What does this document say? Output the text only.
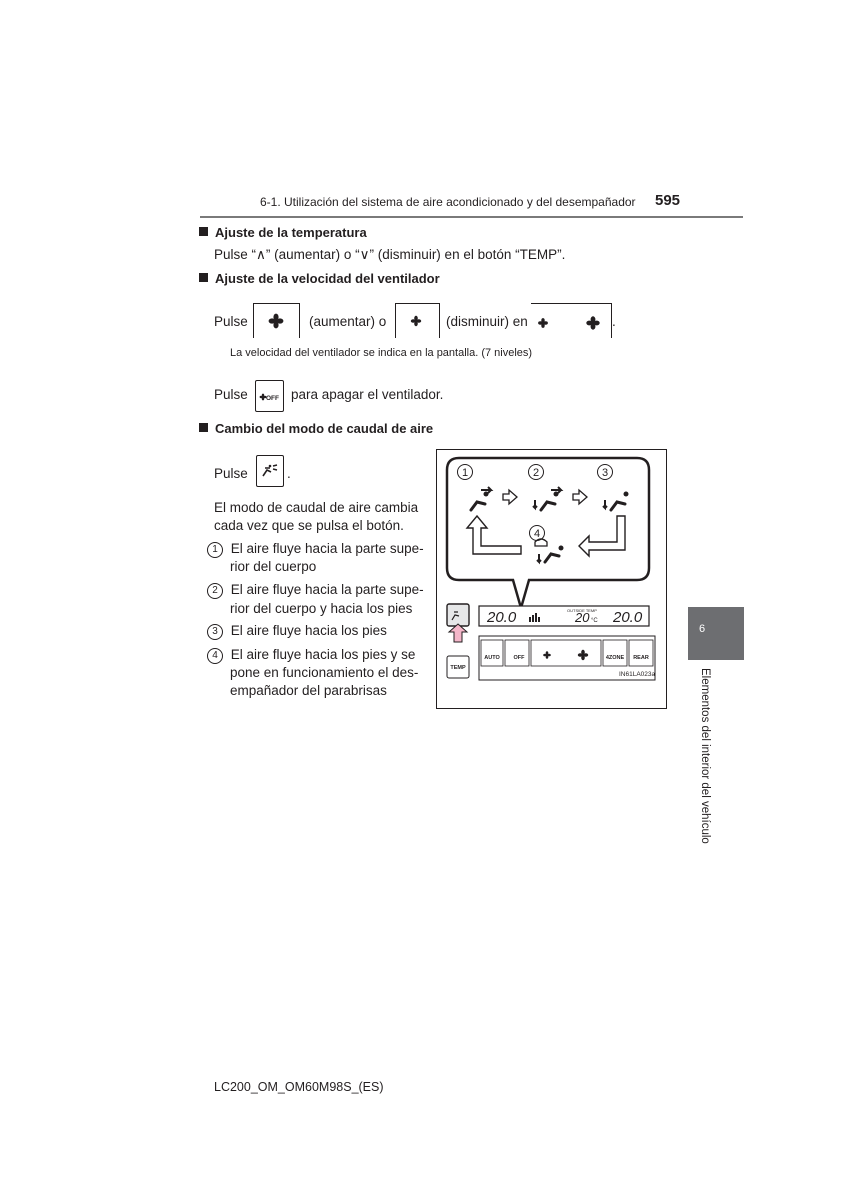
6-1. Utilización del sistema de aire acondicionado y del desempañador 595
Ajuste de la temperatura
Pulse “∧” (aumentar) o “∨” (disminuir) en el botón “TEMP”.
Ajuste de la velocidad del ventilador
Pulse	(aumentar) o	(disminuir) en	.
La velocidad del ventilador se indica en la pantalla. (7 niveles)
Pulse	OFF para apagar el ventilador.
Cambio del modo de caudal de aire
Pulse	.
El modo de caudal de aire cambia
cada vez que se pulsa el botón.
1 El aire fluye hacia la parte supe-
rior del cuerpo
2 El aire fluye hacia la parte supe-
rior del cuerpo y hacia los pies
3 El aire fluye hacia los pies
4 El aire fluye hacia los pies y se
pone en funcionamiento el des-
empañador del parabrisas
1	2	3
4
TEMP
20.0	OUTSIDE TEMP
20 °C 20.0
AUTO	OFF	4ZONE REAR
IN61LA023a
6
Elementos del interior del vehículo
LC200_OM_OM60M98S_(ES)
